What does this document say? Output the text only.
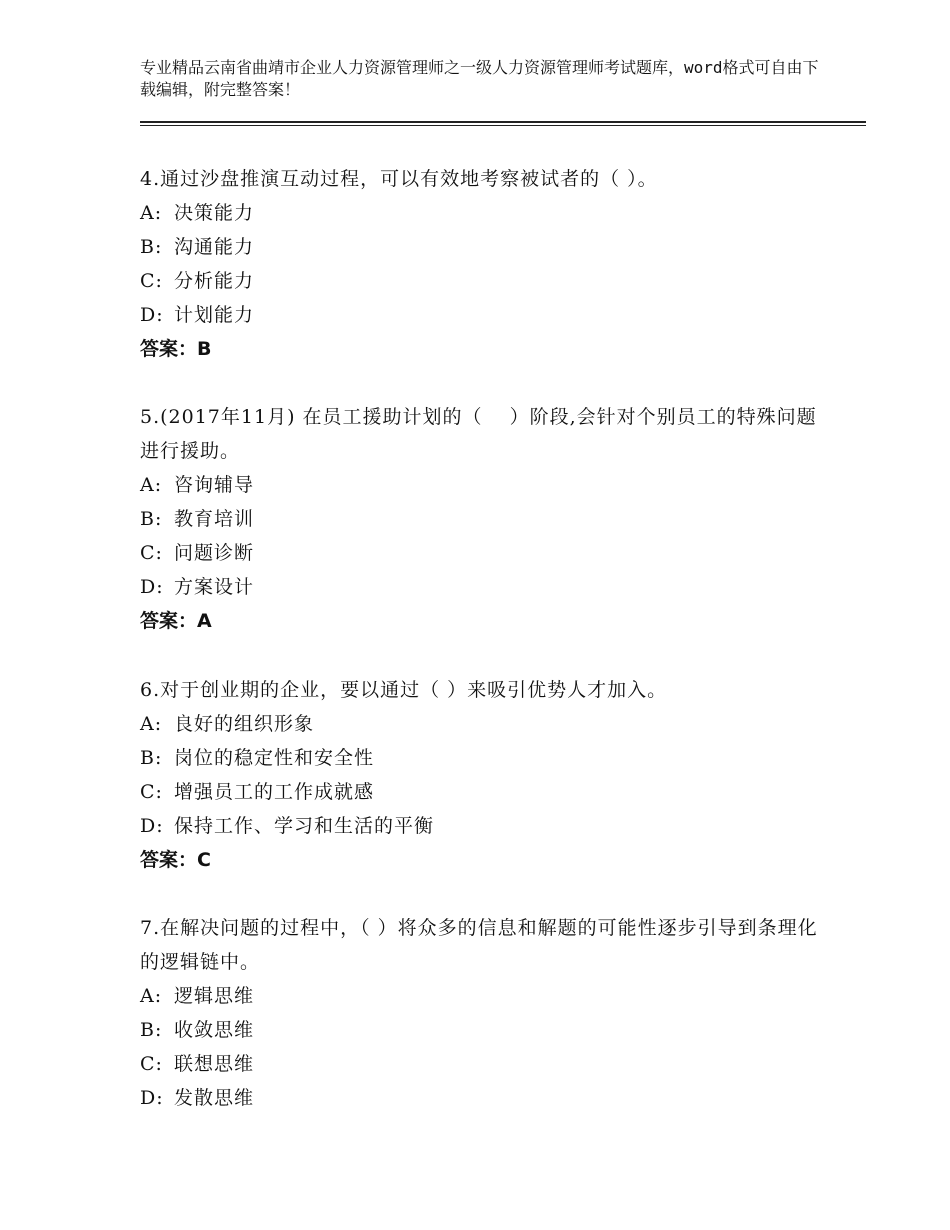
专业精品云南省曲靖市企业人力资源管理师之一级人力资源管理师考试题库，word格式可自由下载编辑，附完整答案！

4.通过沙盘推演互动过程，可以有效地考察被试者的（ ）。

A: 决策能力

B: 沟通能力

C: 分析能力

D: 计划能力

答案：B

5.(2017年11月) 在员工援助计划的（　 ）阶段,会针对个别员工的特殊问题进行援助。

A: 咨询辅导

B: 教育培训

C: 问题诊断

D: 方案设计

答案：A

6.对于创业期的企业，要以通过（ ）来吸引优势人才加入。

A: 良好的组织形象

B: 岗位的稳定性和安全性

C: 增强员工的工作成就感

D: 保持工作、学习和生活的平衡

答案：C

7.在解决问题的过程中，（ ）将众多的信息和解题的可能性逐步引导到条理化的逻辑链中。

A: 逻辑思维

B: 收敛思维

C: 联想思维

D: 发散思维
